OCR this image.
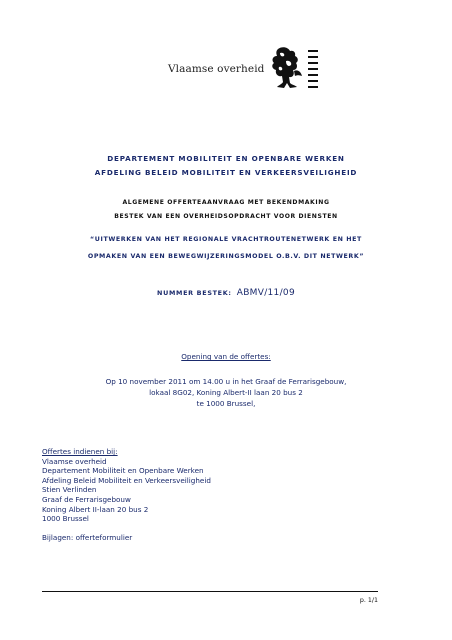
Vlaamse overheid
DEPARTEMENT MOBILITEIT EN OPENBARE WERKEN
AFDELING BELEID MOBILITEIT EN VERKEERSVEILIGHEID
ALGEMENE OFFERTEAANVRAAG MET BEKENDMAKING
BESTEK VAN EEN OVERHEIDSOPDRACHT VOOR DIENSTEN
“UITWERKEN VAN HET REGIONALE VRACHTROUTENETWERK EN HET
OPMAKEN VAN EEN BEWEGWIJZERINGSMODEL O.B.V. DIT NETWERK”
NUMMER BESTEK: ABMV/11/09
Opening van de offertes:
Op 10 november 2011 om 14.00 u in het Graaf de Ferrarisgebouw,
lokaal 8G02, Koning Albert-II laan 20 bus 2
te 1000 Brussel,
Offertes indienen bij:
Vlaamse overheid
Departement Mobiliteit en Openbare Werken
Afdeling Beleid Mobiliteit en Verkeersveiligheid
Stien Verlinden
Graaf de Ferrarisgebouw
Koning Albert II-laan 20 bus 2
1000 Brussel
Bijlagen: offerteformulier
p. 1/1
